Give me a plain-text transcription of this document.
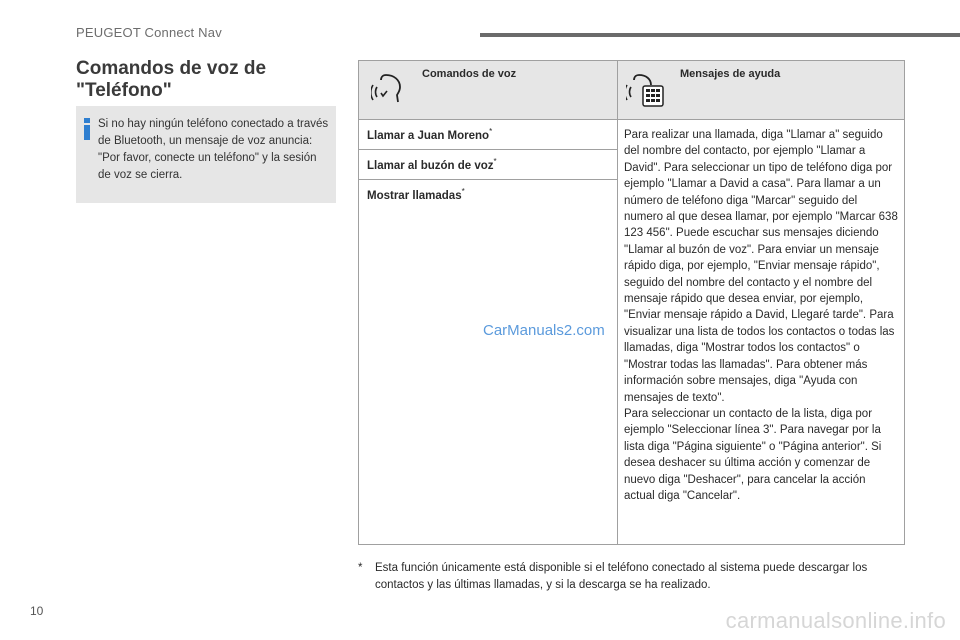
PEUGEOT Connect Nav
Comandos de voz de "Teléfono"
Si no hay ningún teléfono conectado a través de Bluetooth, un mensaje de voz anuncia: "Por favor, conecte un teléfono" y la sesión de voz se cierra.
Comandos de voz	Mensajes de ayuda

Llamar a Juan Moreno*	Para realizar una llamada, diga "Llamar a" seguido del nombre del contacto, por ejemplo "Llamar a David". Para seleccionar un tipo de teléfono diga por ejemplo "Llamar a David a casa". Para llamar a un número de teléfono diga "Marcar" seguido del numero al que desea llamar, por ejemplo "Marcar 638 123 456". Puede escuchar sus mensajes diciendo "Llamar al buzón de voz". Para enviar un mensaje rápido diga, por ejemplo, "Enviar mensaje rápido", seguido del nombre del contacto y el nombre del mensaje rápido que desea enviar, por ejemplo, "Enviar mensaje rápido a David, Llegaré tarde". Para visualizar una lista de todos los contactos o todas las llamadas, diga "Mostrar todos los contactos" o "Mostrar todas las llamadas". Para obtener más información sobre mensajes, diga "Ayuda con mensajes de texto".
Para seleccionar un contacto de la lista, diga por ejemplo "Seleccionar línea 3". Para navegar por la lista diga "Página siguiente" o "Página anterior". Si desea deshacer su última acción y comenzar de nuevo diga "Deshacer", para cancelar la acción actual diga "Cancelar".

Llamar al buzón de voz*
Mostrar llamadas*
CarManuals2.com
* Esta función únicamente está disponible si el teléfono conectado al sistema puede descargar los contactos y las últimas llamadas, y si la descarga se ha realizado.
10	carmanualsonline.info
